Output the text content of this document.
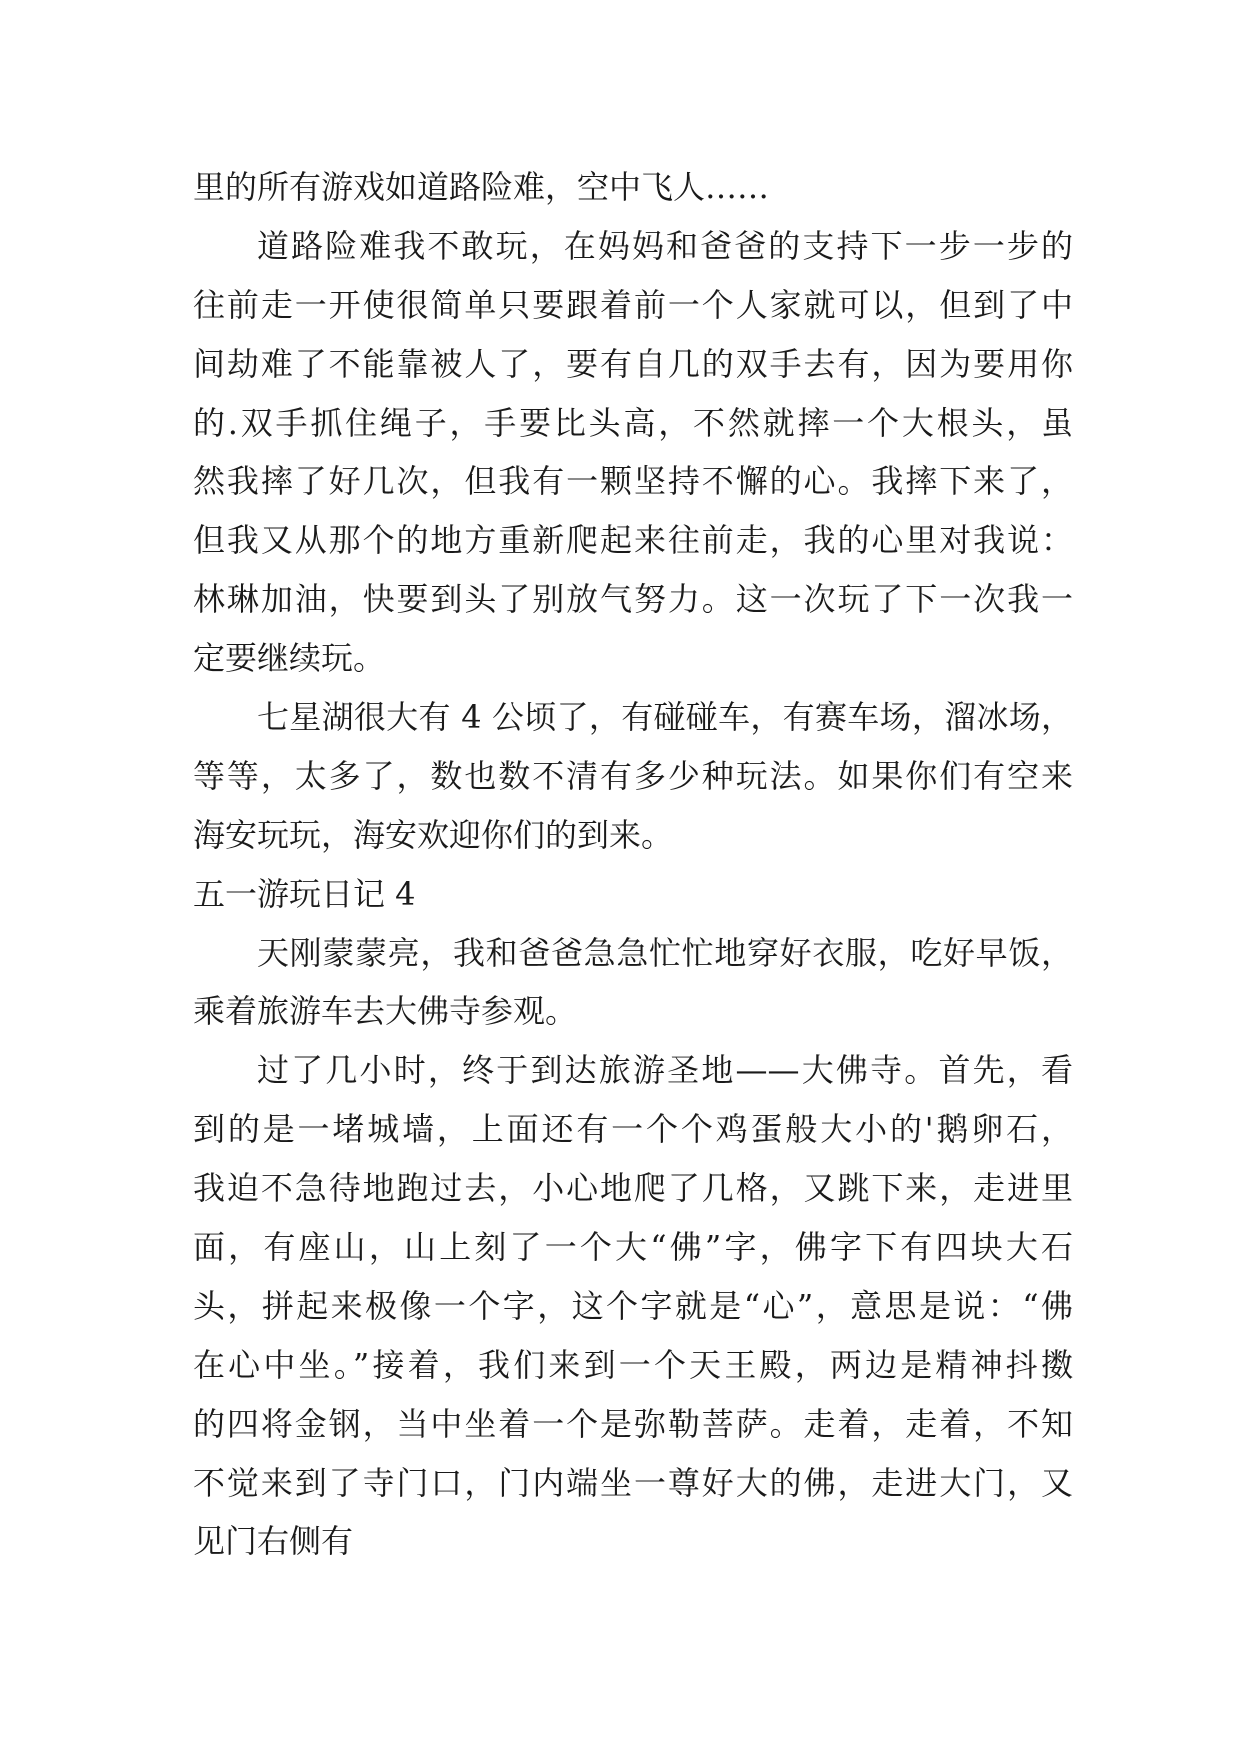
里的所有游戏如道路险难，空中飞人……
道路险难我不敢玩，在妈妈和爸爸的支持下一步一步的
往前走一开使很简单只要跟着前一个人家就可以，但到了中
间劫难了不能靠被人了，要有自几的双手去有，因为要用你
的.双手抓住绳子，手要比头高，不然就摔一个大根头，虽
然我摔了好几次，但我有一颗坚持不懈的心。我摔下来了，
但我又从那个的地方重新爬起来往前走，我的心里对我说：
林琳加油，快要到头了别放气努力。这一次玩了下一次我一
定要继续玩。
七星湖很大有 4 公顷了，有碰碰车，有赛车场，溜冰场，
等等，太多了，数也数不清有多少种玩法。如果你们有空来
海安玩玩，海安欢迎你们的到来。
五一游玩日记 4
天刚蒙蒙亮，我和爸爸急急忙忙地穿好衣服，吃好早饭，
乘着旅游车去大佛寺参观。
过了几小时，终于到达旅游圣地——大佛寺。首先，看
到的是一堵城墙，上面还有一个个鸡蛋般大小的'鹅卵石，
我迫不急待地跑过去，小心地爬了几格，又跳下来，走进里
面，有座山，山上刻了一个大“佛”字，佛字下有四块大石
头，拼起来极像一个字，这个字就是“心”，意思是说：“佛
在心中坐。”接着，我们来到一个天王殿，两边是精神抖擞
的四将金钢，当中坐着一个是弥勒菩萨。走着，走着，不知
不觉来到了寺门口，门内端坐一尊好大的佛，走进大门，又
见门右侧有
